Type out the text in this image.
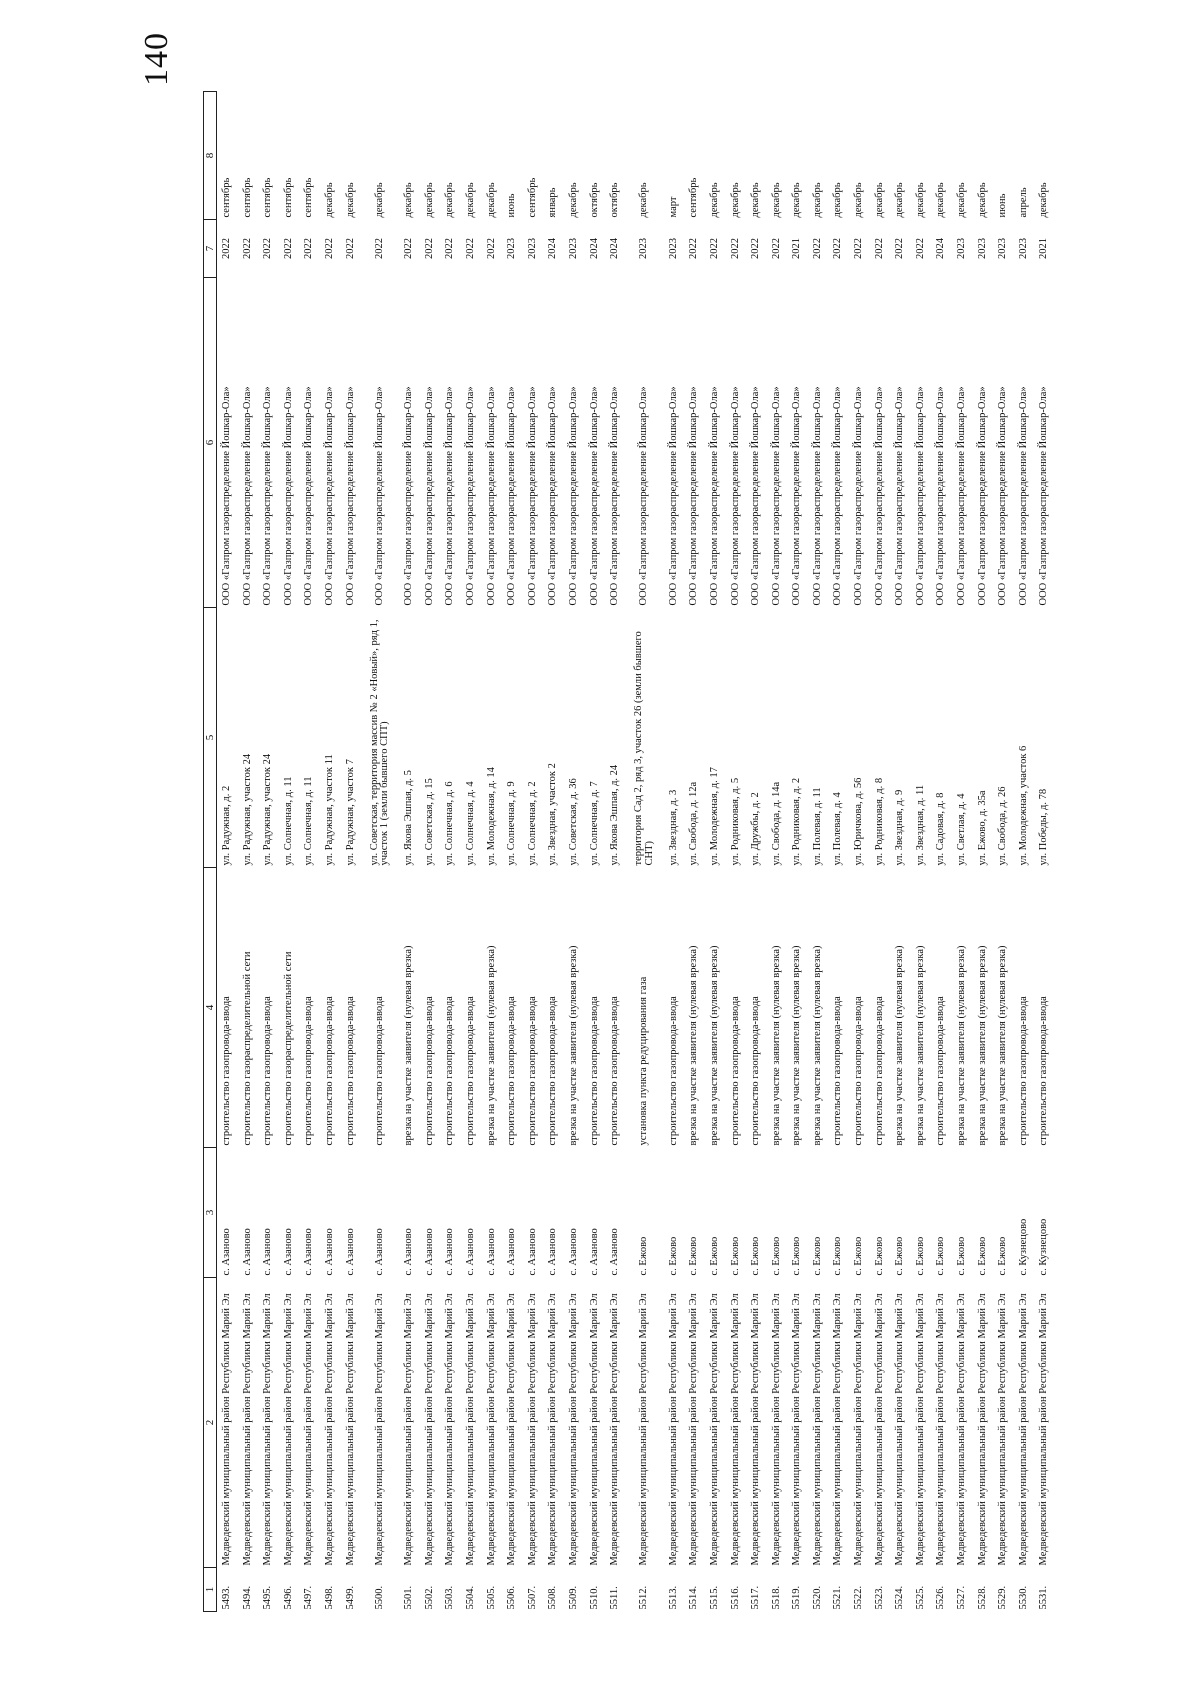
140
1	2	3	4	5	6	7	8
5493.	Медведевский муниципальный район Республики Марий Эл	с. Азаново	строительство газопровода-ввода	ул. Радужная, д. 2	ООО «Газпром газораспределение Йошкар-Ола»	2022	сентябрь
5494.	Медведевский муниципальный район Республики Марий Эл	с. Азаново	строительство газораспределительной сети	ул. Радужная, участок 24	ООО «Газпром газораспределение Йошкар-Ола»	2022	сентябрь
5495.	Медведевский муниципальный район Республики Марий Эл	с. Азаново	строительство газопровода-ввода	ул. Радужная, участок 24	ООО «Газпром газораспределение Йошкар-Ола»	2022	сентябрь
5496.	Медведевский муниципальный район Республики Марий Эл	с. Азаново	строительство газораспределительной сети	ул. Солнечная, д. 11	ООО «Газпром газораспределение Йошкар-Ола»	2022	сентябрь
5497.	Медведевский муниципальный район Республики Марий Эл	с. Азаново	строительство газопровода-ввода	ул. Солнечная, д. 11	ООО «Газпром газораспределение Йошкар-Ола»	2022	сентябрь
5498.	Медведевский муниципальный район Республики Марий Эл	с. Азаново	строительство газопровода-ввода	ул. Радужная, участок 11	ООО «Газпром газораспределение Йошкар-Ола»	2022	декабрь
5499.	Медведевский муниципальный район Республики Марий Эл	с. Азаново	строительство газопровода-ввода	ул. Радужная, участок 7	ООО «Газпром газораспределение Йошкар-Ола»	2022	декабрь
5500.	Медведевский муниципальный район Республики Марий Эл	с. Азаново	строительство газопровода-ввода	ул. Советская, территория массив № 2 «Новый», ряд 1, участок 1 (земли бывшего СПТ)	ООО «Газпром газораспределение Йошкар-Ола»	2022	декабрь
5501.	Медведевский муниципальный район Республики Марий Эл	с. Азаново	врезка на участке заявителя (нулевая врезка)	ул. Якова Эшпая, д. 5	ООО «Газпром газораспределение Йошкар-Ола»	2022	декабрь
5502.	Медведевский муниципальный район Республики Марий Эл	с. Азаново	строительство газопровода-ввода	ул. Советская, д. 15	ООО «Газпром газораспределение Йошкар-Ола»	2022	декабрь
5503.	Медведевский муниципальный район Республики Марий Эл	с. Азаново	строительство газопровода-ввода	ул. Солнечная, д. 6	ООО «Газпром газораспределение Йошкар-Ола»	2022	декабрь
5504.	Медведевский муниципальный район Республики Марий Эл	с. Азаново	строительство газопровода-ввода	ул. Солнечная, д. 4	ООО «Газпром газораспределение Йошкар-Ола»	2022	декабрь
5505.	Медведевский муниципальный район Республики Марий Эл	с. Азаново	врезка на участке заявителя (нулевая врезка)	ул. Молодежная, д. 14	ООО «Газпром газораспределение Йошкар-Ола»	2022	декабрь
5506.	Медведевский муниципальный район Республики Марий Эл	с. Азаново	строительство газопровода-ввода	ул. Солнечная, д. 9	ООО «Газпром газораспределение Йошкар-Ола»	2023	июнь
5507.	Медведевский муниципальный район Республики Марий Эл	с. Азаново	строительство газопровода-ввода	ул. Солнечная, д. 2	ООО «Газпром газораспределение Йошкар-Ола»	2023	сентябрь
5508.	Медведевский муниципальный район Республики Марий Эл	с. Азаново	строительство газопровода-ввода	ул. Звездная, участок 2	ООО «Газпром газораспределение Йошкар-Ола»	2024	январь
5509.	Медведевский муниципальный район Республики Марий Эл	с. Азаново	врезка на участке заявителя (нулевая врезка)	ул. Советская, д. 36	ООО «Газпром газораспределение Йошкар-Ола»	2023	декабрь
5510.	Медведевский муниципальный район Республики Марий Эл	с. Азаново	строительство газопровода-ввода	ул. Солнечная, д. 7	ООО «Газпром газораспределение Йошкар-Ола»	2024	октябрь
5511.	Медведевский муниципальный район Республики Марий Эл	с. Азаново	строительство газопровода-ввода	ул. Якова Эшпая, д. 24	ООО «Газпром газораспределение Йошкар-Ола»	2024	октябрь
5512.	Медведевский муниципальный район Республики Марий Эл	с. Ежово	установка пункта редуцирования газа	территория Сад 2, ряд 3, участок 26 (земли бывшего СНТ)	ООО «Газпром газораспределение Йошкар-Ола»	2023	декабрь
5513.	Медведевский муниципальный район Республики Марий Эл	с. Ежово	строительство газопровода-ввода	ул. Звездная, д. 3	ООО «Газпром газораспределение Йошкар-Ола»	2023	март
5514.	Медведевский муниципальный район Республики Марий Эл	с. Ежово	врезка на участке заявителя (нулевая врезка)	ул. Свобода, д. 12а	ООО «Газпром газораспределение Йошкар-Ола»	2022	сентябрь
5515.	Медведевский муниципальный район Республики Марий Эл	с. Ежово	врезка на участке заявителя (нулевая врезка)	ул. Молодежная, д. 17	ООО «Газпром газораспределение Йошкар-Ола»	2022	декабрь
5516.	Медведевский муниципальный район Республики Марий Эл	с. Ежово	строительство газопровода-ввода	ул. Родниковая, д. 5	ООО «Газпром газораспределение Йошкар-Ола»	2022	декабрь
5517.	Медведевский муниципальный район Республики Марий Эл	с. Ежово	строительство газопровода-ввода	ул. Дружбы, д. 2	ООО «Газпром газораспределение Йошкар-Ола»	2022	декабрь
5518.	Медведевский муниципальный район Республики Марий Эл	с. Ежово	врезка на участке заявителя (нулевая врезка)	ул. Свобода, д. 14а	ООО «Газпром газораспределение Йошкар-Ола»	2022	декабрь
5519.	Медведевский муниципальный район Республики Марий Эл	с. Ежово	врезка на участке заявителя (нулевая врезка)	ул. Родниковая, д. 2	ООО «Газпром газораспределение Йошкар-Ола»	2021	декабрь
5520.	Медведевский муниципальный район Республики Марий Эл	с. Ежово	врезка на участке заявителя (нулевая врезка)	ул. Полевая, д. 11	ООО «Газпром газораспределение Йошкар-Ола»	2022	декабрь
5521.	Медведевский муниципальный район Республики Марий Эл	с. Ежово	строительство газопровода-ввода	ул. Полевая, д. 4	ООО «Газпром газораспределение Йошкар-Ола»	2022	декабрь
5522.	Медведевский муниципальный район Республики Марий Эл	с. Ежово	строительство газопровода-ввода	ул. Юричкова, д. 56	ООО «Газпром газораспределение Йошкар-Ола»	2022	декабрь
5523.	Медведевский муниципальный район Республики Марий Эл	с. Ежово	строительство газопровода-ввода	ул. Родниковая, д. 8	ООО «Газпром газораспределение Йошкар-Ола»	2022	декабрь
5524.	Медведевский муниципальный район Республики Марий Эл	с. Ежово	врезка на участке заявителя (нулевая врезка)	ул. Звездная, д. 9	ООО «Газпром газораспределение Йошкар-Ола»	2022	декабрь
5525.	Медведевский муниципальный район Республики Марий Эл	с. Ежово	врезка на участке заявителя (нулевая врезка)	ул. Звездная, д. 11	ООО «Газпром газораспределение Йошкар-Ола»	2022	декабрь
5526.	Медведевский муниципальный район Республики Марий Эл	с. Ежово	строительство газопровода-ввода	ул. Садовая, д. 8	ООО «Газпром газораспределение Йошкар-Ола»	2024	декабрь
5527.	Медведевский муниципальный район Республики Марий Эл	с. Ежово	врезка на участке заявителя (нулевая врезка)	ул. Светлая, д. 4	ООО «Газпром газораспределение Йошкар-Ола»	2023	декабрь
5528.	Медведевский муниципальный район Республики Марий Эл	с. Ежово	врезка на участке заявителя (нулевая врезка)	ул. Ежово, д. 35а	ООО «Газпром газораспределение Йошкар-Ола»	2023	декабрь
5529.	Медведевский муниципальный район Республики Марий Эл	с. Ежово	врезка на участке заявителя (нулевая врезка)	ул. Свобода, д. 26	ООО «Газпром газораспределение Йошкар-Ола»	2023	июнь
5530.	Медведевский муниципальный район Республики Марий Эл	с. Кузнецово	строительство газопровода-ввода	ул. Молодежная, участок 6	ООО «Газпром газораспределение Йошкар-Ола»	2023	апрель
5531.	Медведевский муниципальный район Республики Марий Эл	с. Кузнецово	строительство газопровода-ввода	ул. Победы, д. 78	ООО «Газпром газораспределение Йошкар-Ола»	2021	декабрь
